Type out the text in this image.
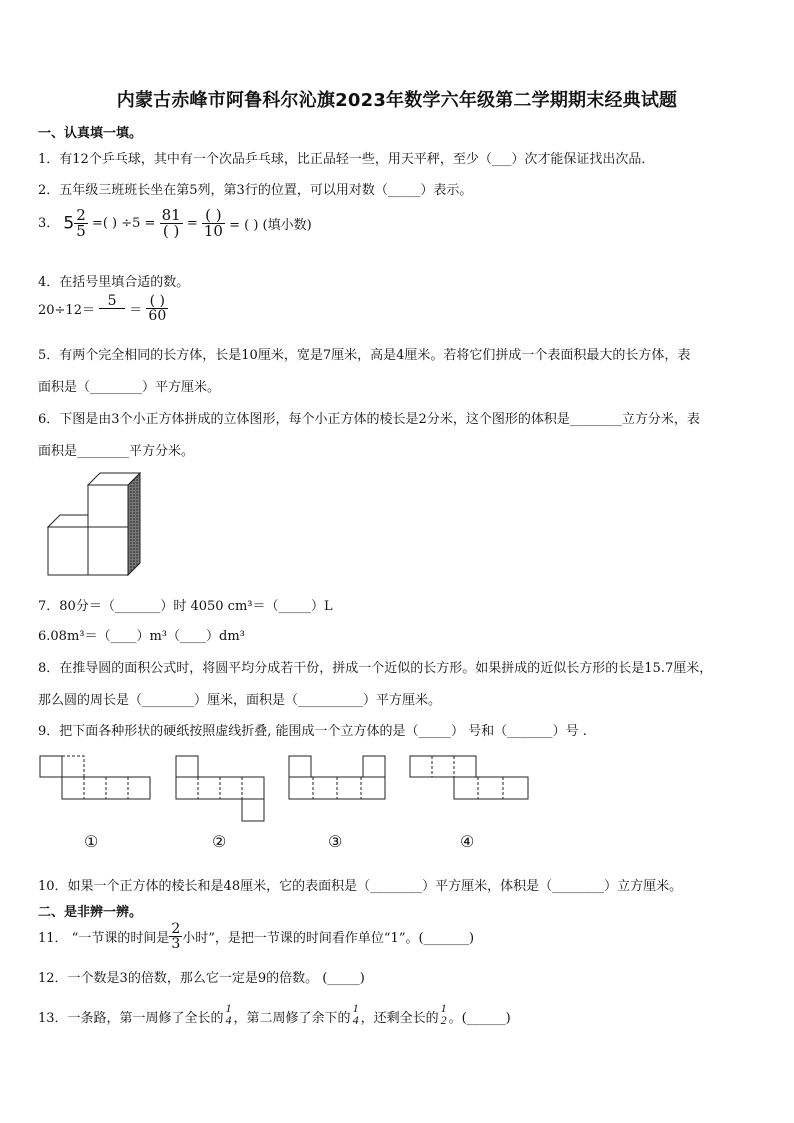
内蒙古赤峰市阿鲁科尔沁旗2023年数学六年级第二学期期末经典试题
一、认真填一填。
1．有12个乒乓球，其中有一个次品乒乓球，比正品轻一些，用天平秤，至少（___）次才能保证找出次品．
2．五年级三班班长坐在第5列，第3行的位置，可以用对数（_____）表示。
3． $5 \frac{2}{5}$ =( ) $\div 5 = \frac{81}{( )} = \frac{( )}{10}$ = ( ) (填小数)
4．在括号里填合适的数。
20÷12＝
5
＝ $\frac{( )}{60}$
5．有两个完全相同的长方体，长是10厘米，宽是7厘米，高是4厘米。若将它们拼成一个表面积最大的长方体，表
面积是（________）平方厘米。
6．下图是由3个小正方体拼成的立体图形，每个小正方体的棱长是2分米，这个图形的体积是________立方分米，表
面积是________平方分米。
7．80分＝（_______）时 4050 cm³＝（_____）L
6.08m³＝（____）m³（____）dm³
8．在推导圆的面积公式时，将圆平均分成若干份，拼成一个近似的长方形。如果拼成的近似长方形的长是15.7厘米，
那么圆的周长是（________）厘米，面积是（__________）平方厘米。
9．把下面各种形状的硬纸按照虚线折叠, 能围成一个立方体的是（_____） 号和（_______）号 .
①	②	③	④
10．如果一个正方体的棱长和是48厘米，它的表面积是（________）平方厘米，体积是（________）立方厘米。
二、是非辨一辨。
11． “一节课的时间是 $\frac{2}{3}$ 小时”，是把一节课的时间看作单位“1”。(_______)
12．一个数是3的倍数，那么它一定是9的倍数。 (_____)
13．一条路，第一周修了全长的
1
4 ，第二周修了余下的
1
4 ，还剩全长的
1
2 。(______)
